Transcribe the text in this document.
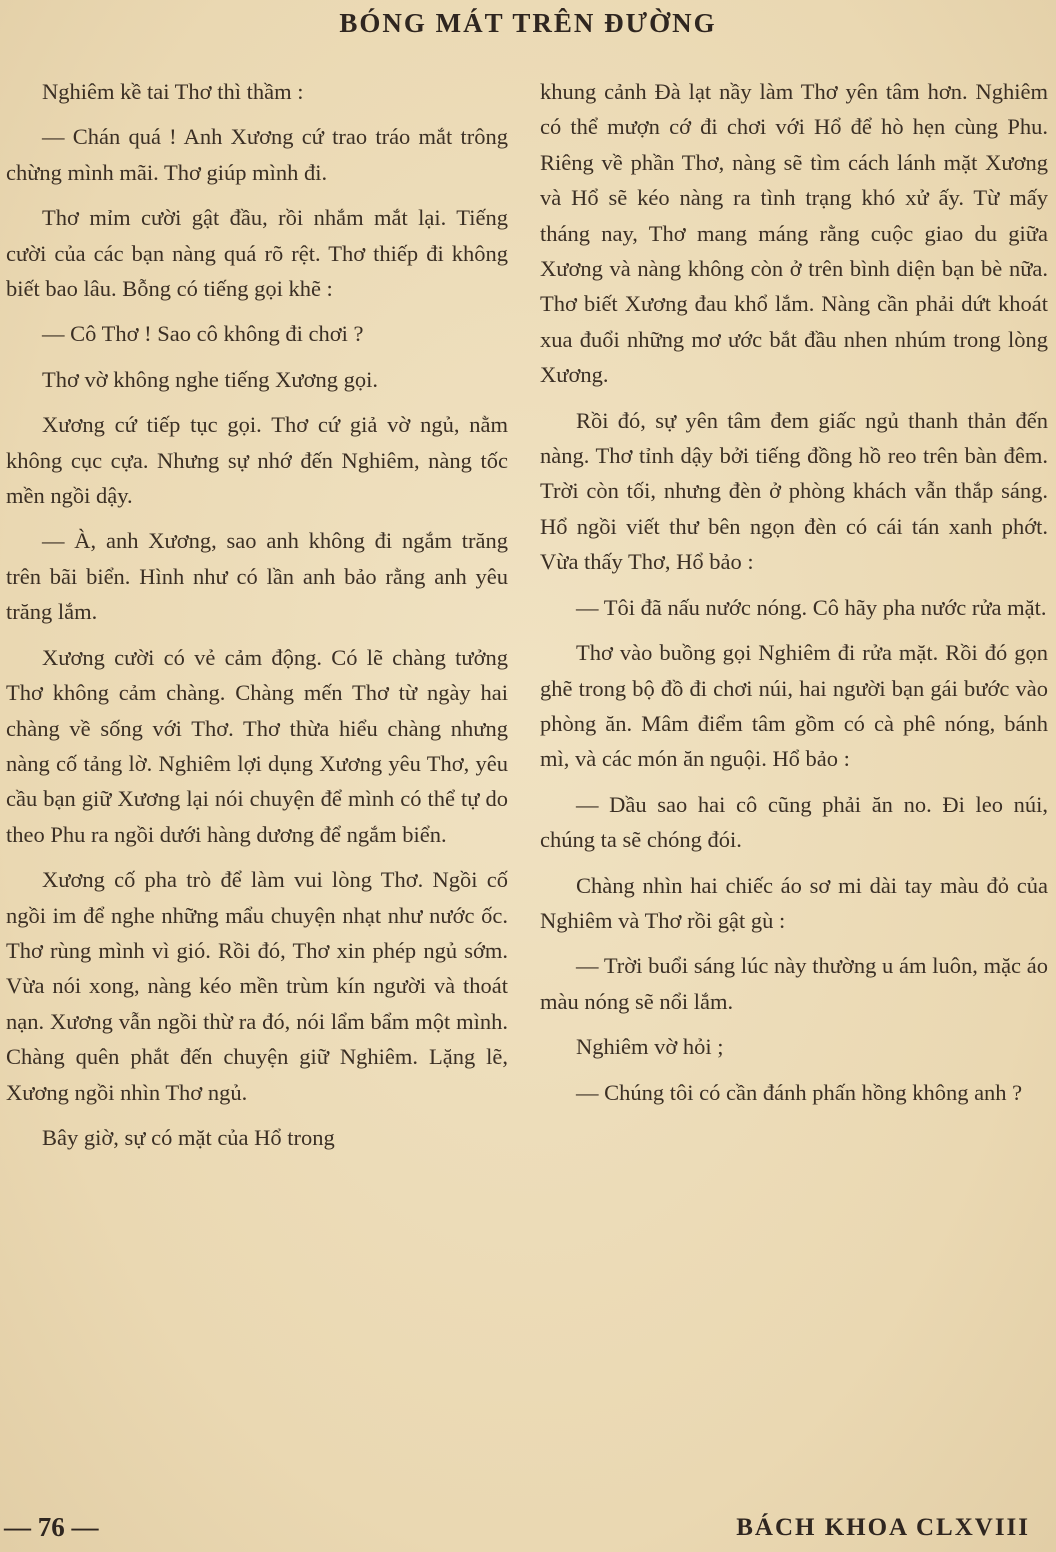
BÓNG MÁT TRÊN ĐƯỜNG

Nghiêm kề tai Thơ thì thầm :

— Chán quá ! Anh Xương cứ trao tráo mắt trông chừng mình mãi. Thơ giúp mình đi.

Thơ mỉm cười gật đầu, rồi nhắm mắt lại. Tiếng cười của các bạn nàng quá rõ rệt. Thơ thiếp đi không biết bao lâu. Bỗng có tiếng gọi khẽ :

— Cô Thơ ! Sao cô không đi chơi ?

Thơ vờ không nghe tiếng Xương gọi.

Xương cứ tiếp tục gọi. Thơ cứ giả vờ ngủ, nằm không cục cựa. Nhưng sự nhớ đến Nghiêm, nàng tốc mền ngồi dậy.

— À, anh Xương, sao anh không đi ngắm trăng trên bãi biển. Hình như có lần anh bảo rằng anh yêu trăng lắm.

Xương cười có vẻ cảm động. Có lẽ chàng tưởng Thơ không cảm chàng. Chàng mến Thơ từ ngày hai chàng về sống với Thơ. Thơ thừa hiểu chàng nhưng nàng cố tảng lờ. Nghiêm lợi dụng Xương yêu Thơ, yêu cầu bạn giữ Xương lại nói chuyện để mình có thể tự do theo Phu ra ngồi dưới hàng dương để ngắm biển.

Xương cố pha trò để làm vui lòng Thơ. Ngồi cố ngồi im để nghe những mẩu chuyện nhạt như nước ốc. Thơ rùng mình vì gió. Rồi đó, Thơ xin phép ngủ sớm. Vừa nói xong, nàng kéo mền trùm kín người và thoát nạn. Xương vẫn ngồi thừ ra đó, nói lẩm bẩm một mình. Chàng quên phắt đến chuyện giữ Nghiêm. Lặng lẽ, Xương ngồi nhìn Thơ ngủ.

Bây giờ, sự có mặt của Hổ trong

khung cảnh Đà lạt nầy làm Thơ yên tâm hơn. Nghiêm có thể mượn cớ đi chơi với Hổ để hò hẹn cùng Phu. Riêng về phần Thơ, nàng sẽ tìm cách lánh mặt Xương và Hổ sẽ kéo nàng ra tình trạng khó xử ấy. Từ mấy tháng nay, Thơ mang máng rằng cuộc giao du giữa Xương và nàng không còn ở trên bình diện bạn bè nữa. Thơ biết Xương đau khổ lắm. Nàng cần phải dứt khoát xua đuổi những mơ ước bắt đầu nhen nhúm trong lòng Xương.

Rồi đó, sự yên tâm đem giấc ngủ thanh thản đến nàng. Thơ tỉnh dậy bởi tiếng đồng hồ reo trên bàn đêm. Trời còn tối, nhưng đèn ở phòng khách vẫn thắp sáng. Hổ ngồi viết thư bên ngọn đèn có cái tán xanh phớt. Vừa thấy Thơ, Hổ bảo :

— Tôi đã nấu nước nóng. Cô hãy pha nước rửa mặt.

Thơ vào buồng gọi Nghiêm đi rửa mặt. Rồi đó gọn ghẽ trong bộ đồ đi chơi núi, hai người bạn gái bước vào phòng ăn. Mâm điểm tâm gồm có cà phê nóng, bánh mì, và các món ăn nguội. Hổ bảo :

— Dầu sao hai cô cũng phải ăn no. Đi leo núi, chúng ta sẽ chóng đói.

Chàng nhìn hai chiếc áo sơ mi dài tay màu đỏ của Nghiêm và Thơ rồi gật gù :

— Trời buổi sáng lúc này thường u ám luôn, mặc áo màu nóng sẽ nổi lắm.

Nghiêm vờ hỏi ;

— Chúng tôi có cần đánh phấn hồng không anh ?

— 76 —	BÁCH KHOA CLXVIII
